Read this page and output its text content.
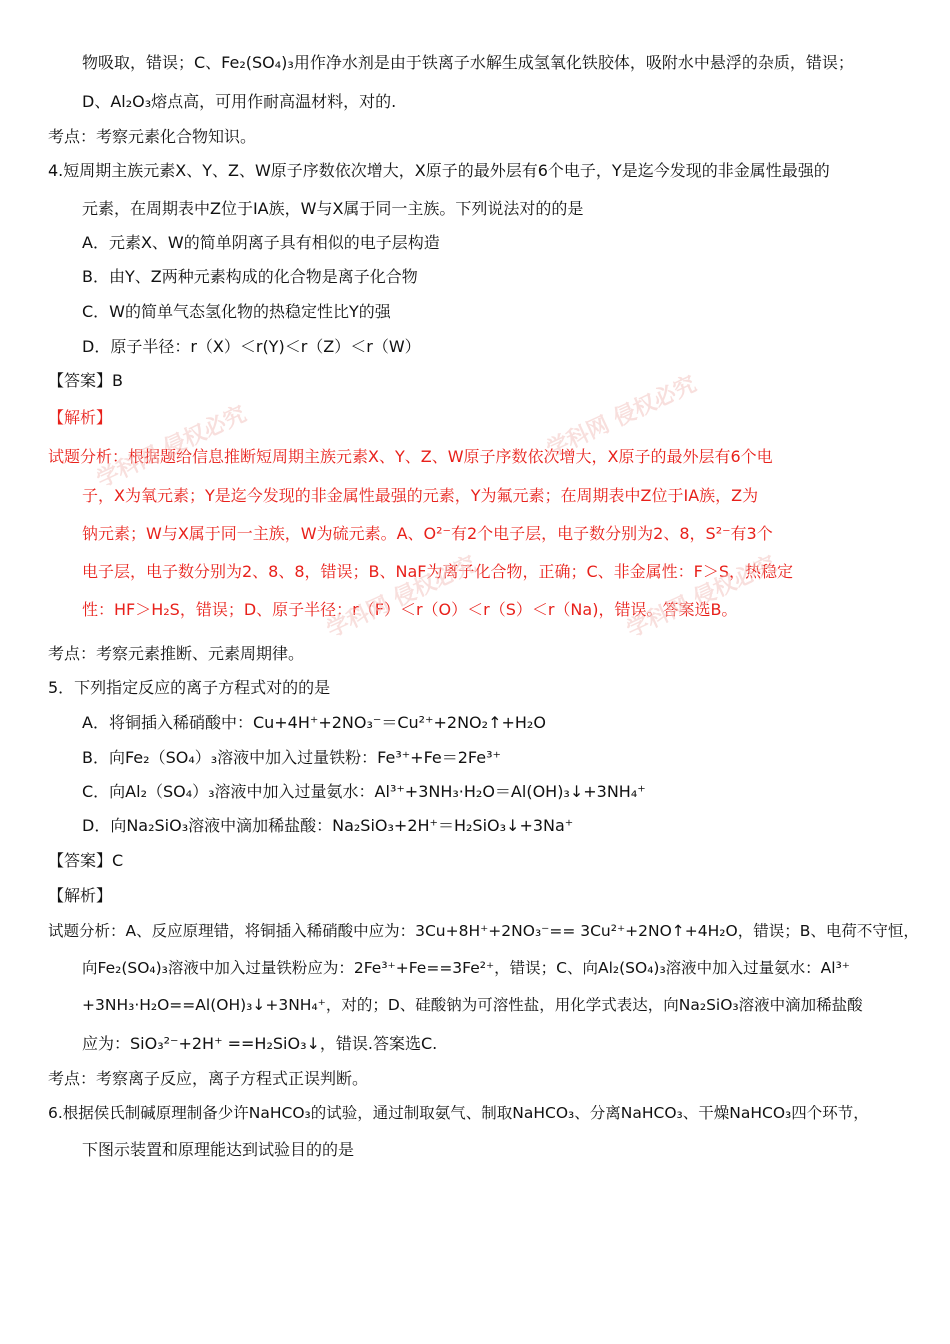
物吸取，错误；C、Fe₂(SO₄)₃用作净水剂是由于铁离子水解生成氢氧化铁胶体，吸附水中悬浮的杂质，错误；
D、Al₂O₃熔点高，可用作耐高温材料，对的.
考点：考察元素化合物知识。
4.短周期主族元素X、Y、Z、W原子序数依次增大，X原子的最外层有6个电子，Y是迄今发现的非金属性最强的
元素，在周期表中Z位于IA族，W与X属于同一主族。下列说法对的的是
A．元素X、W的简单阴离子具有相似的电子层构造
B．由Y、Z两种元素构成的化合物是离子化合物
C．W的简单气态氢化物的热稳定性比Y的强
D．原子半径：r（X）＜r(Y)＜r（Z）＜r（W）
【答案】B
【解析】
试题分析：根据题给信息推断短周期主族元素X、Y、Z、W原子序数依次增大，X原子的最外层有6个电
子，X为氧元素；Y是迄今发现的非金属性最强的元素，Y为氟元素；在周期表中Z位于IA族，Z为
钠元素；W与X属于同一主族，W为硫元素。A、O²⁻有2个电子层，电子数分别为2、8，S²⁻有3个
电子层，电子数分别为2、8、8，错误；B、NaF为离子化合物，正确；C、非金属性：F＞S，热稳定
性：HF＞H₂S，错误；D、原子半径：r（F）＜r（O）＜r（S）＜r（Na)，错误。答案选B。
考点：考察元素推断、元素周期律。
5．下列指定反应的离子方程式对的的是
A．将铜插入稀硝酸中：Cu+4H⁺+2NO₃⁻＝Cu²⁺+2NO₂↑+H₂O
B．向Fe₂（SO₄）₃溶液中加入过量铁粉：Fe³⁺+Fe＝2Fe³⁺
C．向Al₂（SO₄）₃溶液中加入过量氨水：Al³⁺+3NH₃·H₂O＝Al(OH)₃↓+3NH₄⁺
D．向Na₂SiO₃溶液中滴加稀盐酸：Na₂SiO₃+2H⁺＝H₂SiO₃↓+3Na⁺
【答案】C
【解析】
试题分析：A、反应原理错，将铜插入稀硝酸中应为：3Cu+8H⁺+2NO₃⁻== 3Cu²⁺+2NO↑+4H₂O，错误；B、电荷不守恒，
向Fe₂(SO₄)₃溶液中加入过量铁粉应为：2Fe³⁺+Fe==3Fe²⁺，错误；C、向Al₂(SO₄)₃溶液中加入过量氨水：Al³⁺
+3NH₃·H₂O==Al(OH)₃↓+3NH₄⁺，对的；D、硅酸钠为可溶性盐，用化学式表达，向Na₂SiO₃溶液中滴加稀盐酸
应为：SiO₃²⁻+2H⁺ ==H₂SiO₃↓，错误.答案选C.
考点：考察离子反应，离子方程式正误判断。
6.根据侯氏制碱原理制备少许NaHCO₃的试验，通过制取氨气、制取NaHCO₃、分离NaHCO₃、干燥NaHCO₃四个环节，
下图示装置和原理能达到试验目的的是
学科网 侵权必究	学科网 侵权必究
学科网 侵权必究	学科网 侵权必究
